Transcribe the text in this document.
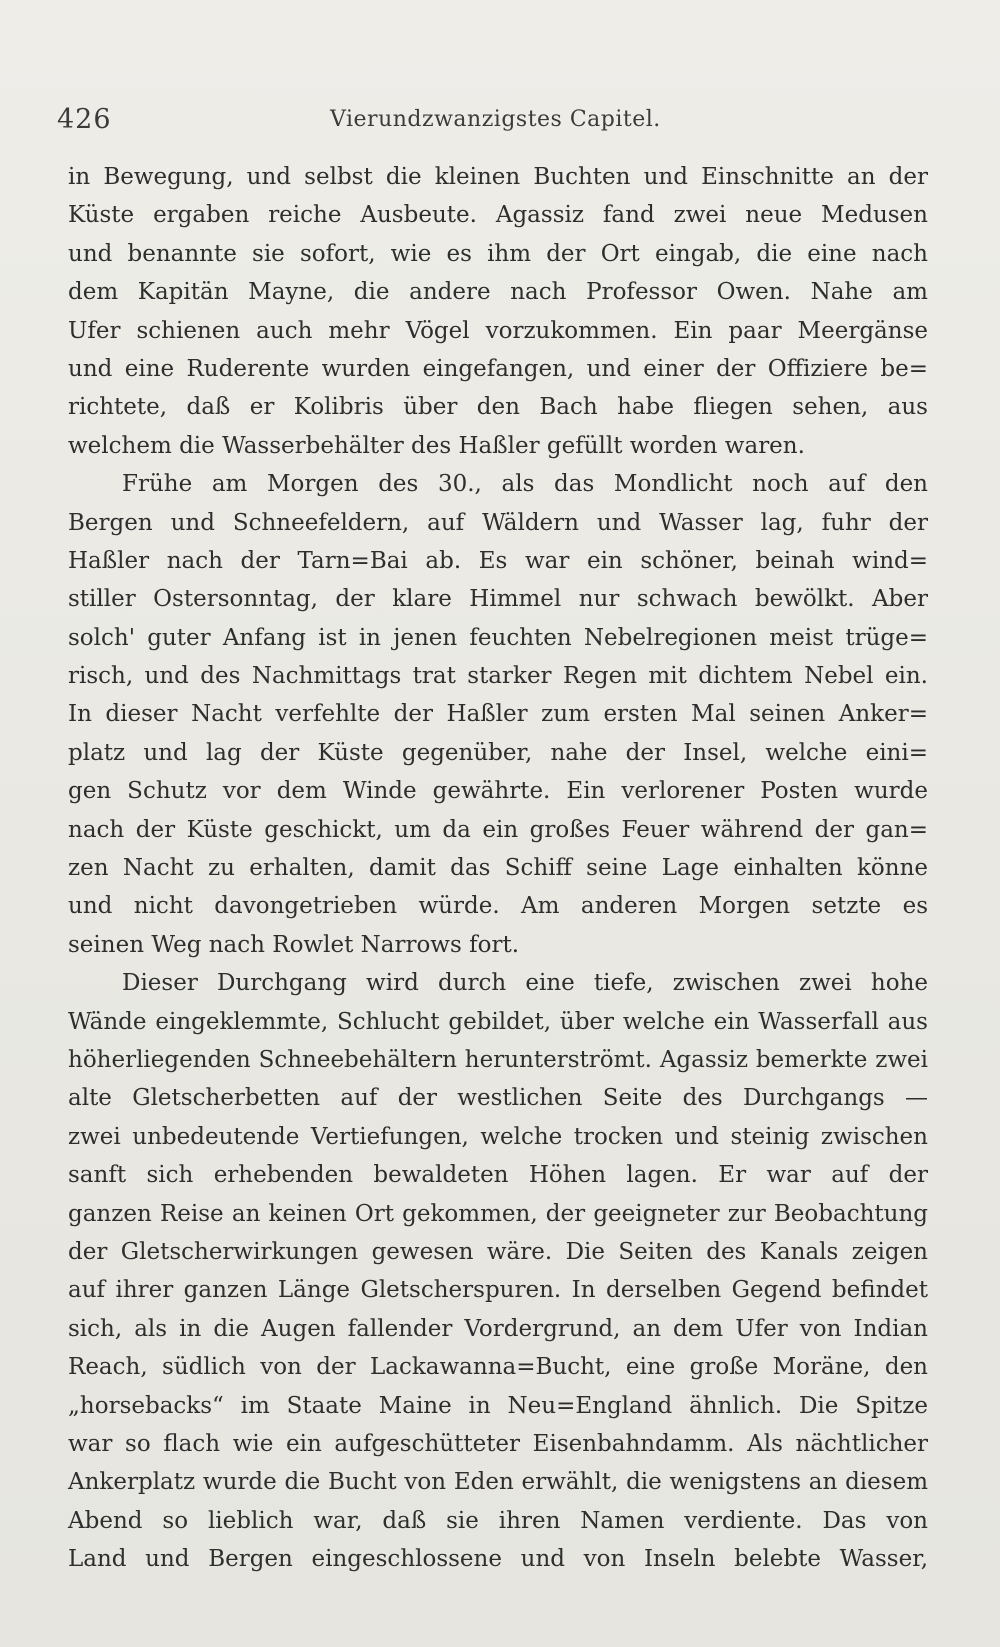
426	Vierundzwanzigstes Capitel.
in Bewegung, und selbst die kleinen Buchten und Einschnitte an der
Küste ergaben reiche Ausbeute. Agassiz fand zwei neue Medusen
und benannte sie sofort, wie es ihm der Ort eingab, die eine nach
dem Kapitän Mayne, die andere nach Professor Owen. Nahe am
Ufer schienen auch mehr Vögel vorzukommen. Ein paar Meergänse
und eine Ruderente wurden eingefangen, und einer der Offiziere be=
richtete, daß er Kolibris über den Bach habe fliegen sehen, aus
welchem die Wasserbehälter des Haßler gefüllt worden waren.
Frühe am Morgen des 30., als das Mondlicht noch auf den
Bergen und Schneefeldern, auf Wäldern und Wasser lag, fuhr der
Haßler nach der Tarn=Bai ab. Es war ein schöner, beinah wind=
stiller Ostersonntag, der klare Himmel nur schwach bewölkt. Aber
solch' guter Anfang ist in jenen feuchten Nebelregionen meist trüge=
risch, und des Nachmittags trat starker Regen mit dichtem Nebel ein.
In dieser Nacht verfehlte der Haßler zum ersten Mal seinen Anker=
platz und lag der Küste gegenüber, nahe der Insel, welche eini=
gen Schutz vor dem Winde gewährte. Ein verlorener Posten wurde
nach der Küste geschickt, um da ein großes Feuer während der gan=
zen Nacht zu erhalten, damit das Schiff seine Lage einhalten könne
und nicht davongetrieben würde. Am anderen Morgen setzte es
seinen Weg nach Rowlet Narrows fort.
Dieser Durchgang wird durch eine tiefe, zwischen zwei hohe
Wände eingeklemmte, Schlucht gebildet, über welche ein Wasserfall aus
höherliegenden Schneebehältern herunterströmt. Agassiz bemerkte zwei
alte Gletscherbetten auf der westlichen Seite des Durchgangs —
zwei unbedeutende Vertiefungen, welche trocken und steinig zwischen
sanft sich erhebenden bewaldeten Höhen lagen. Er war auf der
ganzen Reise an keinen Ort gekommen, der geeigneter zur Beobachtung
der Gletscherwirkungen gewesen wäre. Die Seiten des Kanals zeigen
auf ihrer ganzen Länge Gletscherspuren. In derselben Gegend befindet
sich, als in die Augen fallender Vordergrund, an dem Ufer von Indian
Reach, südlich von der Lackawanna=Bucht, eine große Moräne, den
„horsebacks“ im Staate Maine in Neu=England ähnlich. Die Spitze
war so flach wie ein aufgeschütteter Eisenbahndamm. Als nächtlicher
Ankerplatz wurde die Bucht von Eden erwählt, die wenigstens an diesem
Abend so lieblich war, daß sie ihren Namen verdiente. Das von
Land und Bergen eingeschlossene und von Inseln belebte Wasser,
